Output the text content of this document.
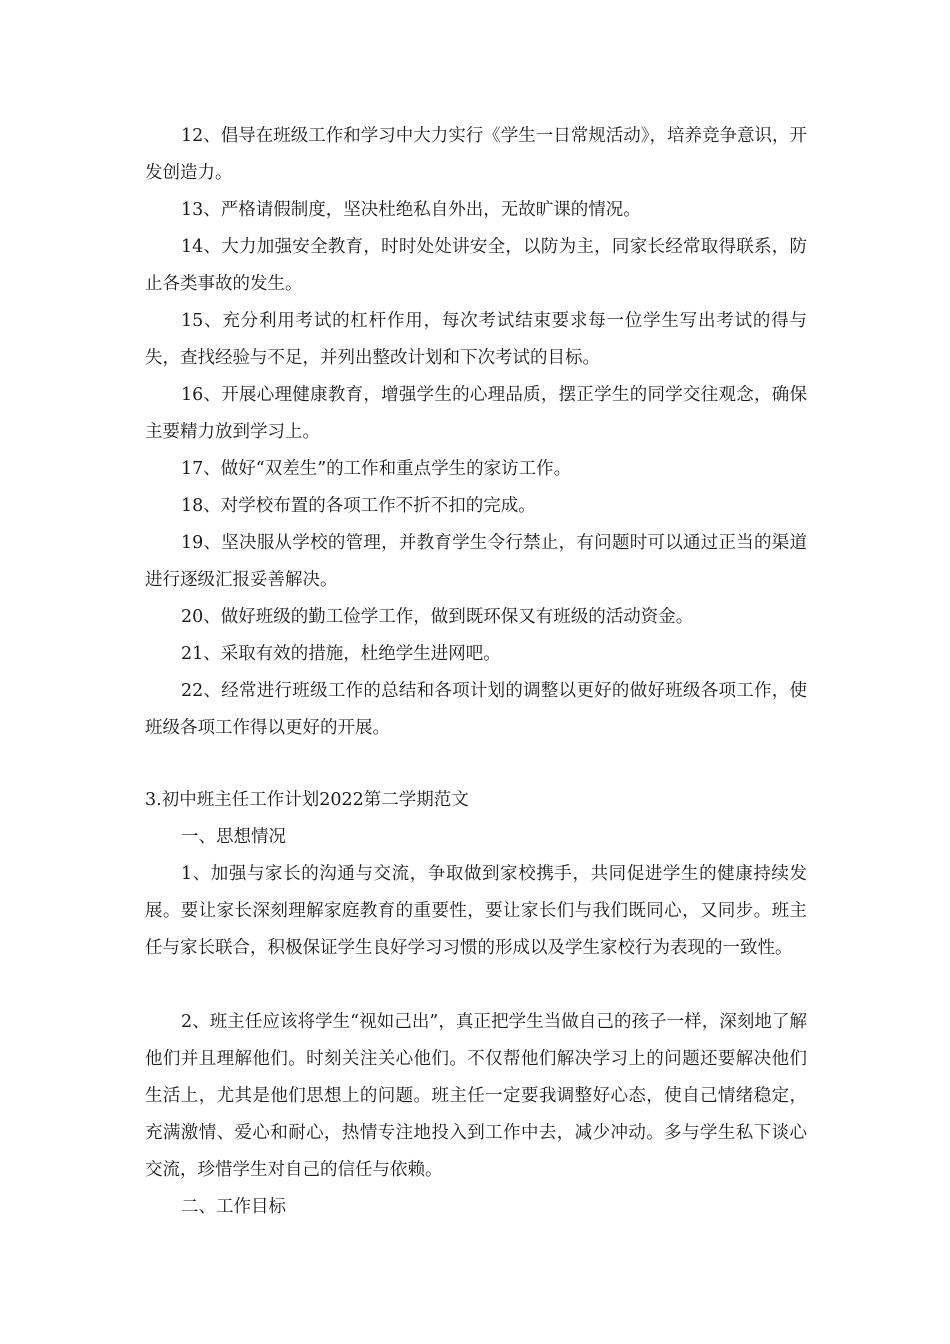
12、倡导在班级工作和学习中大力实行《学生一日常规活动》，培养竞争意识，开发创造力。

13、严格请假制度，坚决杜绝私自外出，无故旷课的情况。

14、大力加强安全教育，时时处处讲安全，以防为主，同家长经常取得联系，防止各类事故的发生。

15、充分利用考试的杠杆作用，每次考试结束要求每一位学生写出考试的得与失，查找经验与不足，并列出整改计划和下次考试的目标。

16、开展心理健康教育，增强学生的心理品质，摆正学生的同学交往观念，确保主要精力放到学习上。

17、做好“双差生”的工作和重点学生的家访工作。

18、对学校布置的各项工作不折不扣的完成。

19、坚决服从学校的管理，并教育学生令行禁止，有问题时可以通过正当的渠道进行逐级汇报妥善解决。

20、做好班级的勤工俭学工作，做到既环保又有班级的活动资金。

21、采取有效的措施，杜绝学生进网吧。

22、经常进行班级工作的总结和各项计划的调整以更好的做好班级各项工作，使班级各项工作得以更好的开展。

3.初中班主任工作计划2022第二学期范文

一、思想情况

1、加强与家长的沟通与交流，争取做到家校携手，共同促进学生的健康持续发展。要让家长深刻理解家庭教育的重要性，要让家长们与我们既同心，又同步。班主任与家长联合，积极保证学生良好学习习惯的形成以及学生家校行为表现的一致性。

2、班主任应该将学生“视如己出”，真正把学生当做自己的孩子一样，深刻地了解他们并且理解他们。时刻关注关心他们。不仅帮他们解决学习上的问题还要解决他们生活上，尤其是他们思想上的问题。班主任一定要我调整好心态，使自己情绪稳定，充满激情、爱心和耐心，热情专注地投入到工作中去，减少冲动。多与学生私下谈心交流，珍惜学生对自己的信任与依赖。

二、工作目标
